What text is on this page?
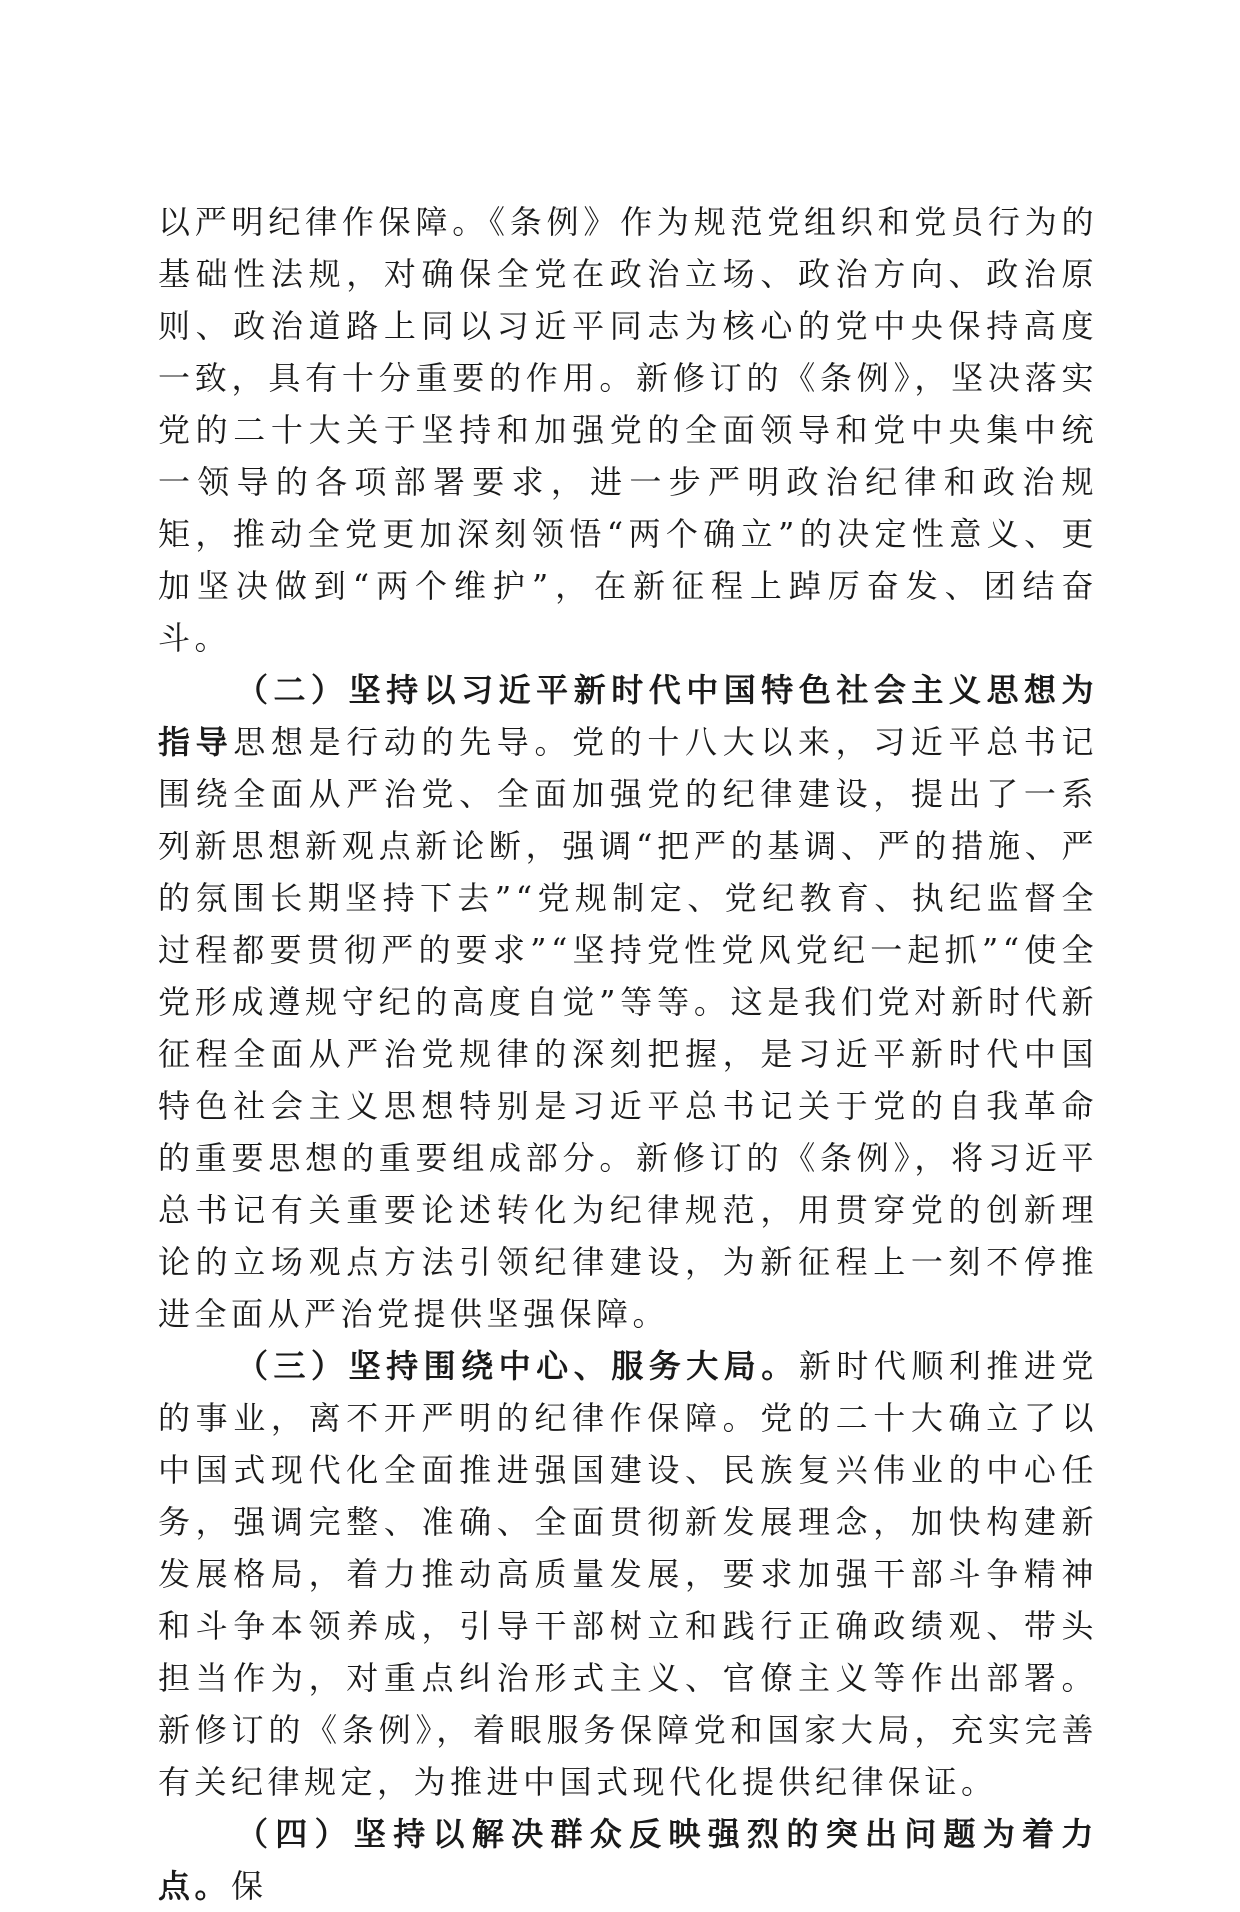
以严明纪律作保障。《条例》作为规范党组织和党员行为的基础性法规，对确保全党在政治立场、政治方向、政治原则、政治道路上同以习近平同志为核心的党中央保持高度一致，具有十分重要的作用。新修订的《条例》，坚决落实党的二十大关于坚持和加强党的全面领导和党中央集中统一领导的各项部署要求，进一步严明政治纪律和政治规矩，推动全党更加深刻领悟“两个确立”的决定性意义、更加坚决做到“两个维护”，在新征程上踔厉奋发、团结奋斗。

（二）坚持以习近平新时代中国特色社会主义思想为指导思想是行动的先导。党的十八大以来，习近平总书记围绕全面从严治党、全面加强党的纪律建设，提出了一系列新思想新观点新论断，强调“把严的基调、严的措施、严的氛围长期坚持下去”“党规制定、党纪教育、执纪监督全过程都要贯彻严的要求”“坚持党性党风党纪一起抓”“使全党形成遵规守纪的高度自觉”等等。这是我们党对新时代新征程全面从严治党规律的深刻把握，是习近平新时代中国特色社会主义思想特别是习近平总书记关于党的自我革命的重要思想的重要组成部分。新修订的《条例》，将习近平总书记有关重要论述转化为纪律规范，用贯穿党的创新理论的立场观点方法引领纪律建设，为新征程上一刻不停推进全面从严治党提供坚强保障。

（三）坚持围绕中心、服务大局。新时代顺利推进党的事业，离不开严明的纪律作保障。党的二十大确立了以中国式现代化全面推进强国建设、民族复兴伟业的中心任务，强调完整、准确、全面贯彻新发展理念，加快构建新发展格局，着力推动高质量发展，要求加强干部斗争精神和斗争本领养成，引导干部树立和践行正确政绩观、带头担当作为，对重点纠治形式主义、官僚主义等作出部署。新修订的《条例》，着眼服务保障党和国家大局，充实完善有关纪律规定，为推进中国式现代化提供纪律保证。

（四）坚持以解决群众反映强烈的突出问题为着力点。保
